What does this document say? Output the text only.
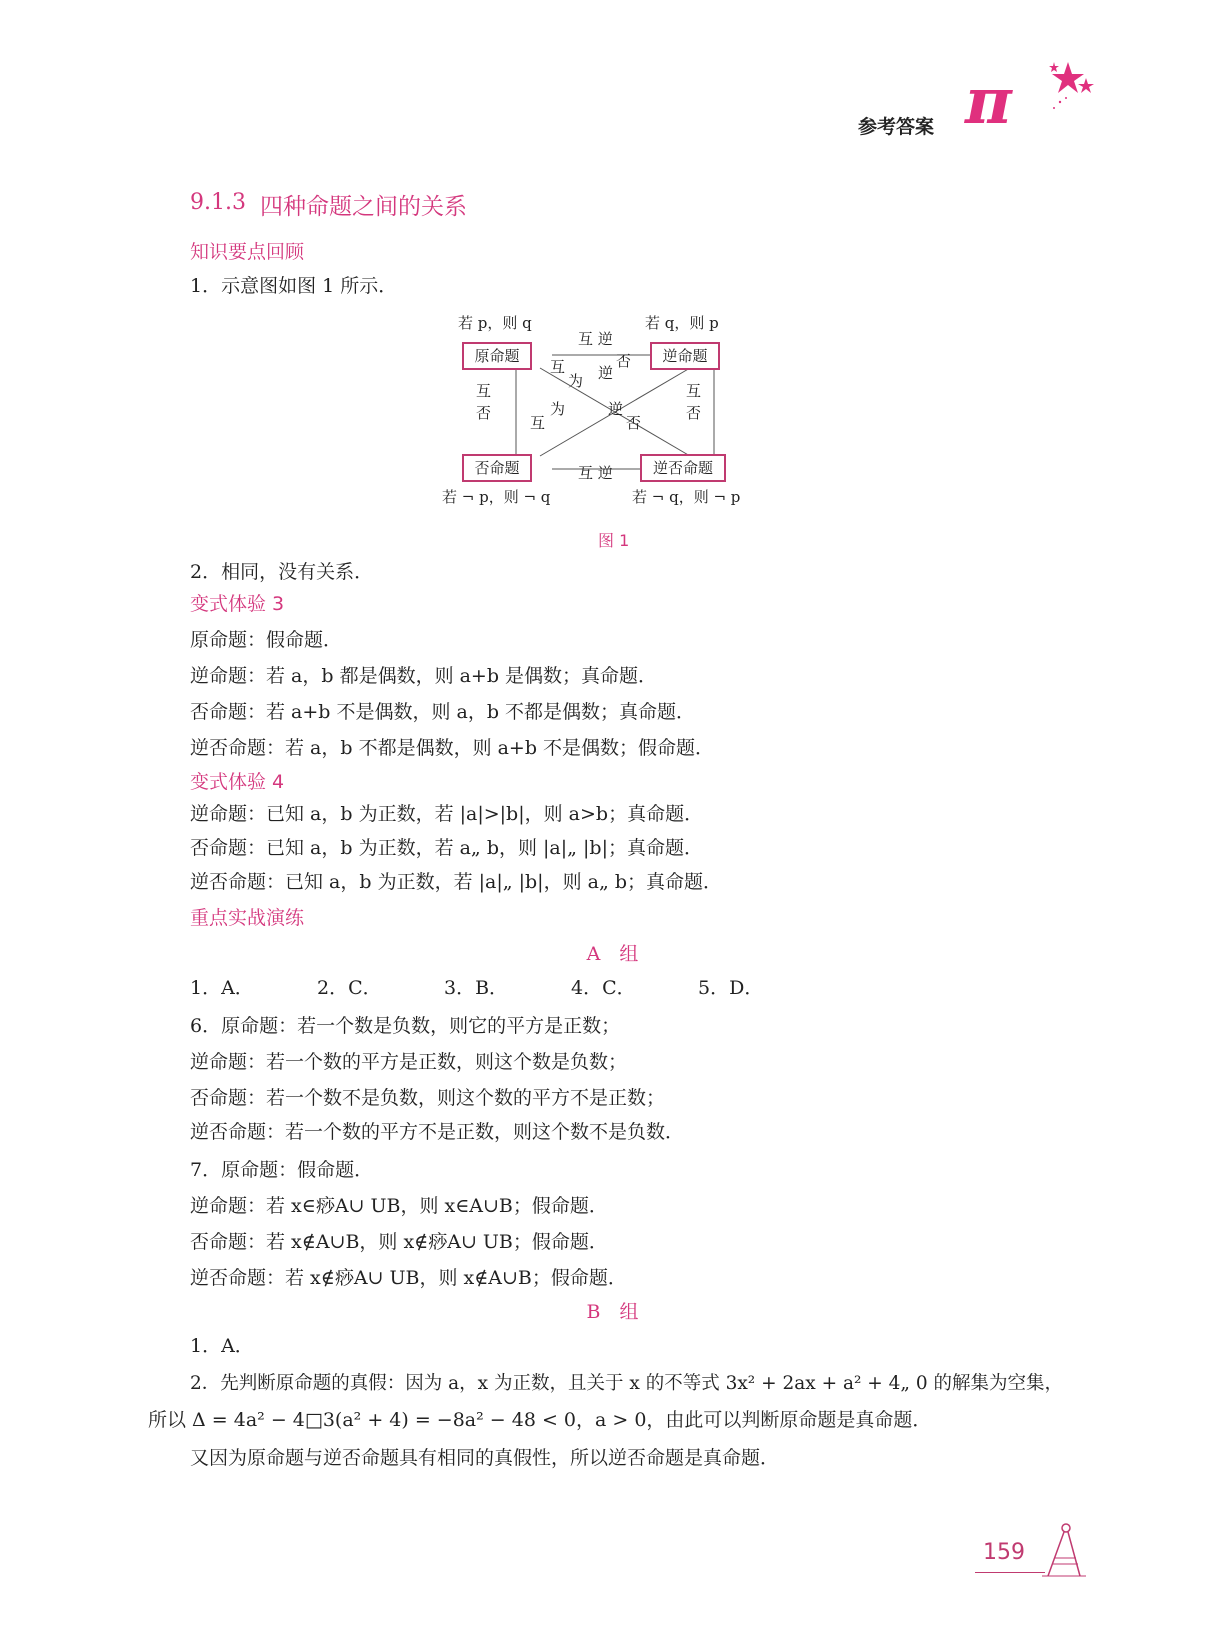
参考答案 π
9.1.3 四种命题之间的关系
知识要点回顾
1．示意图如图 1 所示．
若 p，则 q	若 q，则 p
原命题	逆命题
否命题	逆否命题
互 逆
互 逆
互
否
互
否
互
为 逆
否
为
互
逆
否
若 ¬ p，则 ¬ q	若 ¬ q，则 ¬ p
图 1
2．相同，没有关系．
变式体验 3
原命题：假命题．
逆命题：若 a，b 都是偶数，则 a+b 是偶数；真命题．
否命题：若 a+b 不是偶数，则 a，b 不都是偶数；真命题．
逆否命题：若 a，b 不都是偶数，则 a+b 不是偶数；假命题．
变式体验 4
逆命题：已知 a，b 为正数，若 |a|>|b|，则 a>b；真命题．
否命题：已知 a，b 为正数，若 a„ b，则 |a|„ |b|；真命题．
逆否命题：已知 a，b 为正数，若 |a|„ |b|，则 a„ b；真命题．
重点实战演练
A　组
1．A．	2．C．	3．B．	4．C．	5．D．
6．原命题：若一个数是负数，则它的平方是正数；
逆命题：若一个数的平方是正数，则这个数是负数；
否命题：若一个数不是负数，则这个数的平方不是正数；
逆否命题：若一个数的平方不是正数，则这个数不是负数．
7．原命题：假命题．
逆命题：若 x∈痧A∪ UB，则 x∈A∪B；假命题．
否命题：若 x∉A∪B，则 x∉痧A∪ UB；假命题．
逆否命题：若 x∉痧A∪ UB，则 x∉A∪B；假命题．
B　组
1．A．
2．先判断原命题的真假：因为 a，x 为正数，且关于 x 的不等式 3x² + 2ax + a² + 4„ 0 的解集为空集，
所以 Δ = 4a² − 4□3(a² + 4) = −8a² − 48 < 0，a > 0，由此可以判断原命题是真命题．
又因为原命题与逆否命题具有相同的真假性，所以逆否命题是真命题．
159
